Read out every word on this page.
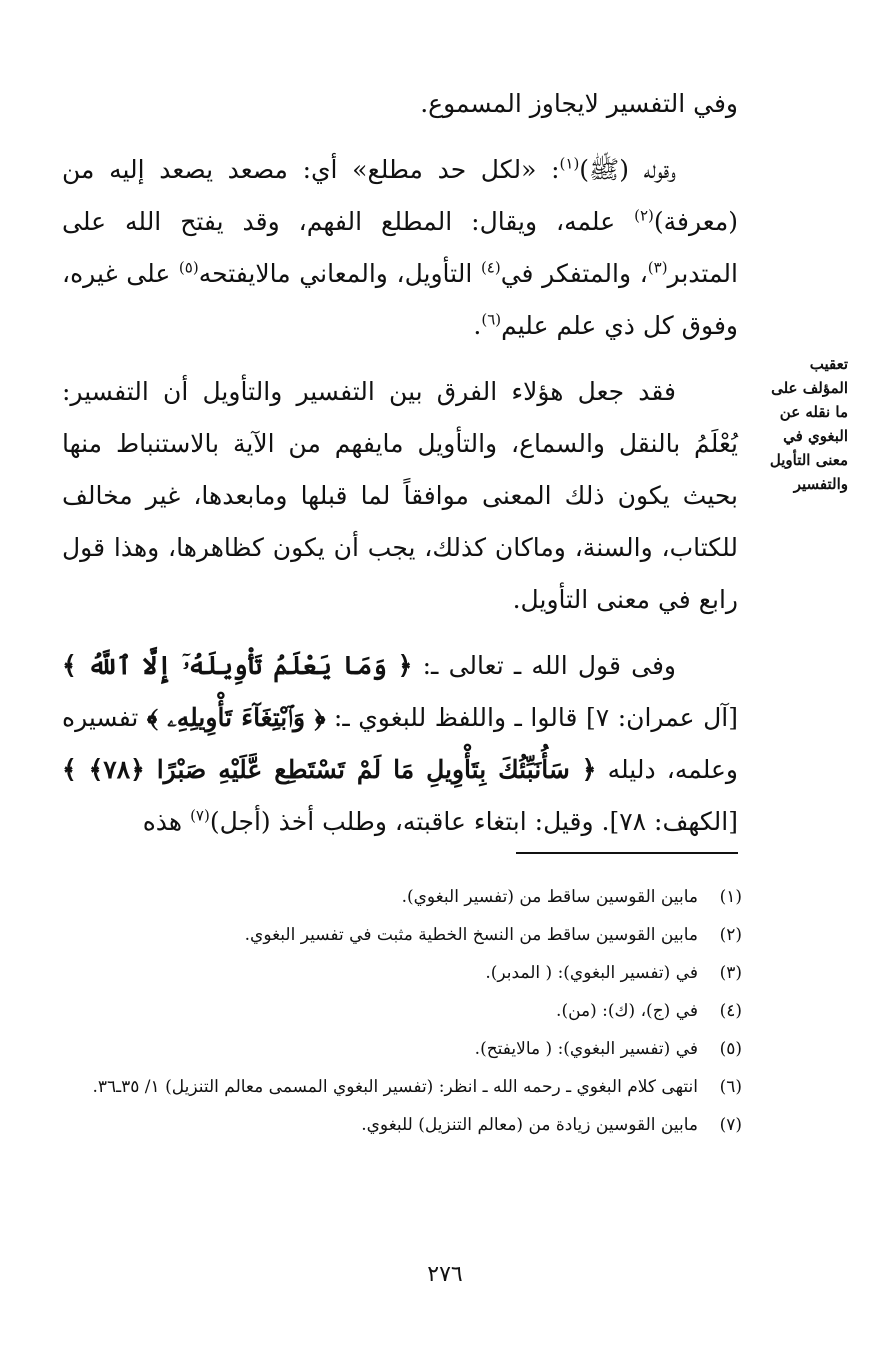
وفي التفسير لايجاوز المسموع.

وقوله (ﷺ)$^{(١)}$: «لكل حد مطلع» أي: مصعد يصعد إليه من (معرفة)$^{(٢)}$ علمه، ويقال: المطلع الفهم، وقد يفتح الله على المتدبر$^{(٣)}$، والمتفكر في$^{(٤)}$ التأويل، والمعاني مالايفتحه$^{(٥)}$ على غيره، وفوق كل ذي علم عليم$^{(٦)}$.

فقد جعل هؤلاء الفرق بين التفسير والتأويل أن التفسير: يُعْلَمُ بالنقل والسماع، والتأويل مايفهم من الآية بالاستنباط منها بحيث يكون ذلك المعنى موافقاً لما قبلها ومابعدها، غير مخالف للكتاب، والسنة، وماكان كذلك، يجب أن يكون كظاهرها، وهذا قول رابع في معنى التأويل.

وفى قول الله ـ تعالى ـ: ﴿ وَمَا يَعْلَمُ تَأْوِيلَهُۥٓ إِلَّا ٱللَّهُ ﴾ [آل عمران: ٧] قالوا ـ واللفظ للبغوي ـ: ﴿ وَٱبْتِغَآءَ تَأْوِيلِهِۦ ﴾ تفسيره وعلمه، دليله ﴿ سَأُنَبِّئُكَ بِتَأْوِيلِ مَا لَمْ تَسْتَطِع عَّلَيْهِ صَبْرًا ﴿٧٨﴾ ﴾ [الكهف: ٧٨]. وقيل: ابتغاء عاقبته، وطلب أخذ (أجل)$^{(٧)}$ هذه

تعقيب
المؤلف على
ما نقله عن
البغوي في
معنى التأويل
والتفسير
(١)
مابين القوسين ساقط من (تفسير البغوي).
(٢)
مابين القوسين ساقط من النسخ الخطية مثبت في تفسير البغوي.
(٣)
في (تفسير البغوي): ( المدبر).
(٤)
في (ج)، (ك): (من).
(٥)
في (تفسير البغوي): ( مالايفتح).
(٦)
انتهى كلام البغوي ـ رحمه الله ـ انظر: (تفسير البغوي المسمى معالم التنزيل) ١/ ٣٥ـ٣٦.
(٧)
مابين القوسين زيادة من (معالم التنزيل) للبغوي.
٢٧٦
